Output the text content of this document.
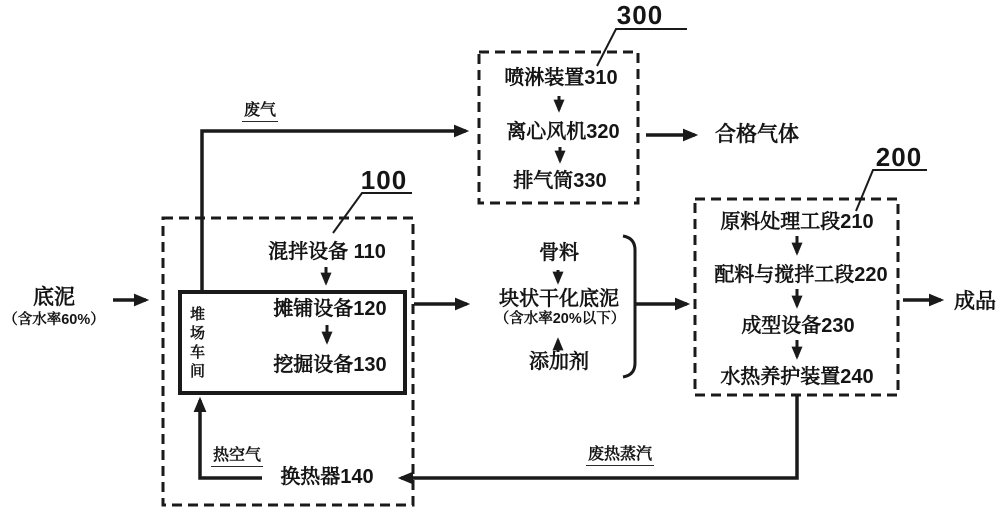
底泥
（含水率60%）
100
混拌设备 110
堆场车间	摊铺设备120
挖掘设备130
换热器140
300
喷淋装置310
离心风机320
排气筒330
合格气体
200
原料处理工段210
配料与搅拌工段220
成型设备230
水热养护装置240
成品
骨料
块状干化底泥
（含水率20%以下）
添加剂
废气
热空气	废热蒸汽
